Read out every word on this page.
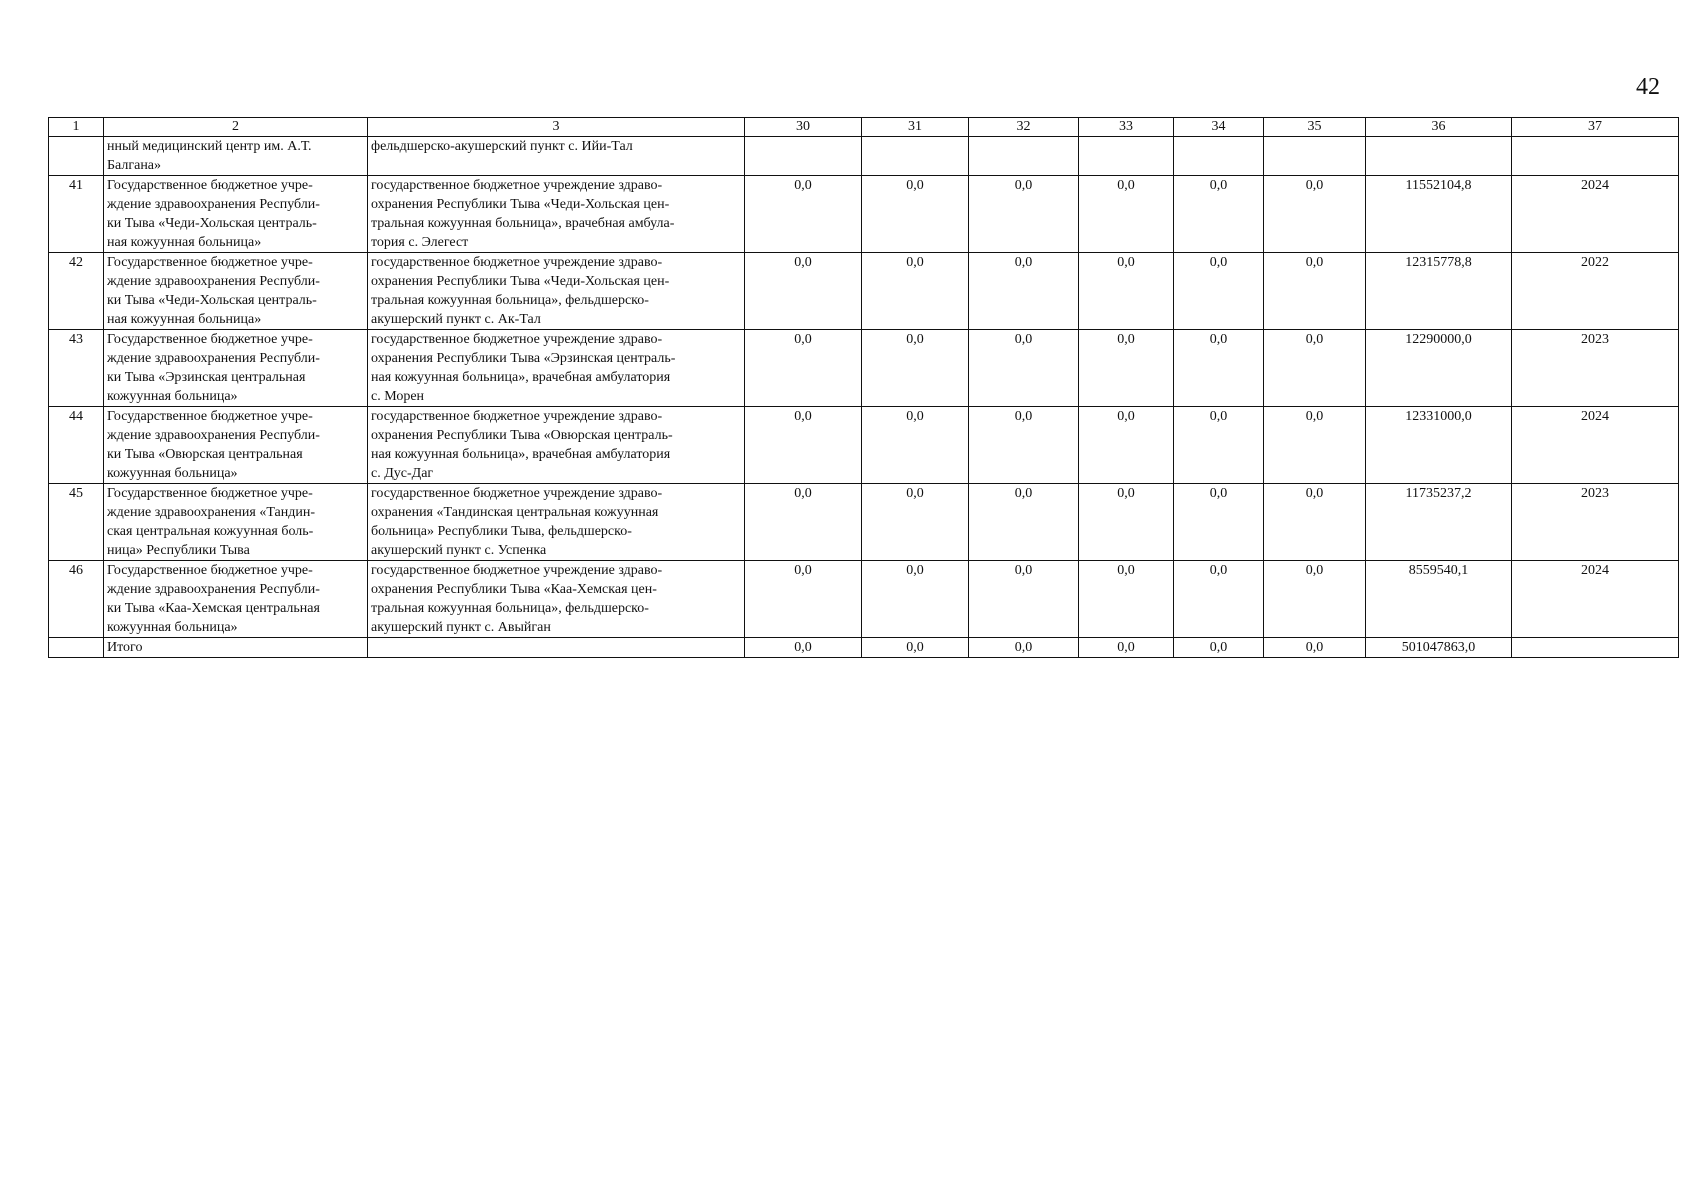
42
1	2	3	30	31	32	33	34	35	36	37
	нный медицинский центр им. А.Т.
Балгана»	фельдшерско-акушерский пункт с. Ийи-Тал								
41	Государственное бюджетное учре-
ждение здравоохранения Республи-
ки Тыва «Чеди-Хольская централь-
ная кожуунная больница»	государственное бюджетное учреждение здраво-
охранения Республики Тыва «Чеди-Хольская цен-
тральная кожуунная больница», врачебная амбула-
тория с. Элегест	0,0	0,0	0,0	0,0	0,0	0,0	11552104,8	2024
42	Государственное бюджетное учре-
ждение здравоохранения Республи-
ки Тыва «Чеди-Хольская централь-
ная кожуунная больница»	государственное бюджетное учреждение здраво-
охранения Республики Тыва «Чеди-Хольская цен-
тральная кожуунная больница», фельдшерско-
акушерский пункт с. Ак-Тал	0,0	0,0	0,0	0,0	0,0	0,0	12315778,8	2022
43	Государственное бюджетное учре-
ждение здравоохранения Республи-
ки Тыва «Эрзинская центральная
кожуунная больница»	государственное бюджетное учреждение здраво-
охранения Республики Тыва «Эрзинская централь-
ная кожуунная больница», врачебная амбулатория
с. Морен	0,0	0,0	0,0	0,0	0,0	0,0	12290000,0	2023
44	Государственное бюджетное учре-
ждение здравоохранения Республи-
ки Тыва «Овюрская центральная
кожуунная больница»	государственное бюджетное учреждение здраво-
охранения Республики Тыва «Овюрская централь-
ная кожуунная больница», врачебная амбулатория
с. Дус-Даг	0,0	0,0	0,0	0,0	0,0	0,0	12331000,0	2024
45	Государственное бюджетное учре-
ждение здравоохранения «Тандин-
ская центральная кожуунная боль-
ница» Республики Тыва	государственное бюджетное учреждение здраво-
охранения «Тандинская центральная кожуунная
больница» Республики Тыва, фельдшерско-
акушерский пункт с. Успенка	0,0	0,0	0,0	0,0	0,0	0,0	11735237,2	2023
46	Государственное бюджетное учре-
ждение здравоохранения Республи-
ки Тыва «Каа-Хемская центральная
кожуунная больница»	государственное бюджетное учреждение здраво-
охранения Республики Тыва «Каа-Хемская цен-
тральная кожуунная больница», фельдшерско-
акушерский пункт с. Авыйган	0,0	0,0	0,0	0,0	0,0	0,0	8559540,1	2024
	Итого		0,0	0,0	0,0	0,0	0,0	0,0	501047863,0	
